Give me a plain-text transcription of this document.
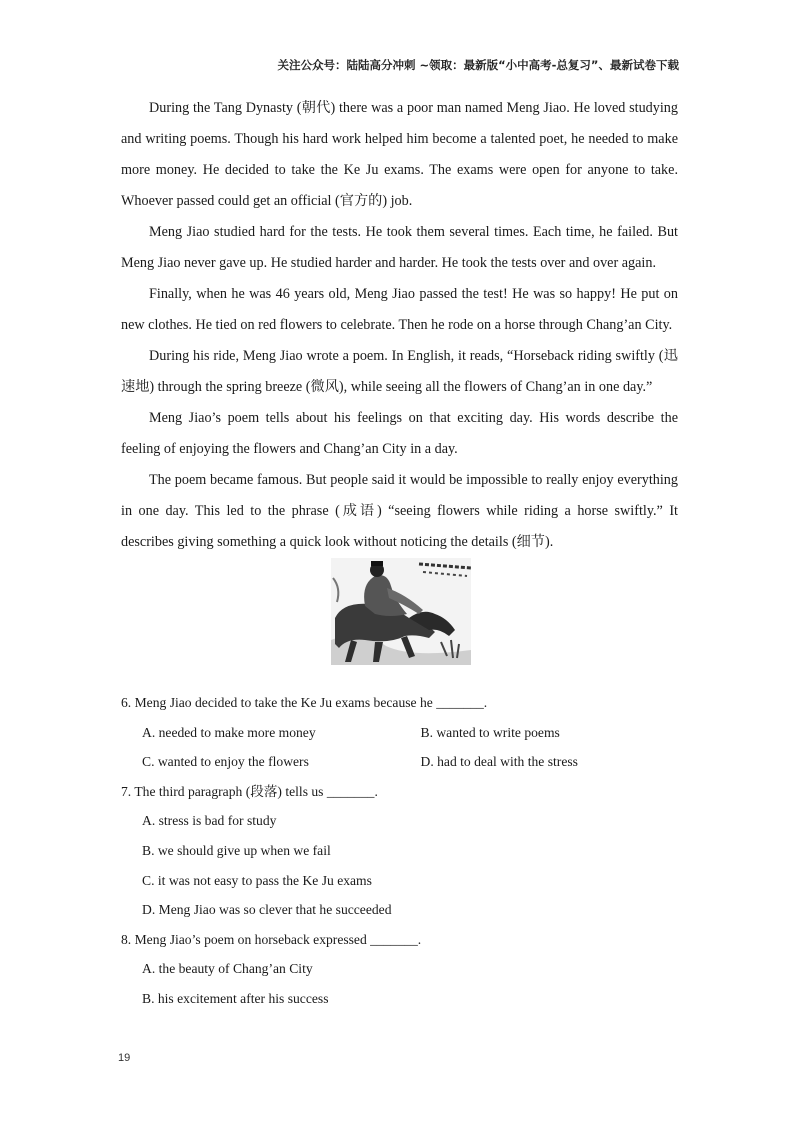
关注公众号：陆陆高分冲刺 ~领取：最新版“小中高考-总复习”、最新试卷下载

During the Tang Dynasty (朝代) there was a poor man named Meng Jiao. He loved studying and writing poems. Though his hard work helped him become a talented poet, he needed to make more money. He decided to take the Ke Ju exams. The exams were open for anyone to take. Whoever passed could get an official (官方的) job.

Meng Jiao studied hard for the tests. He took them several times. Each time, he failed. But Meng Jiao never gave up. He studied harder and harder. He took the tests over and over again.

Finally, when he was 46 years old, Meng Jiao passed the test! He was so happy! He put on new clothes. He tied on red flowers to celebrate. Then he rode on a horse through Chang’an City.

During his ride, Meng Jiao wrote a poem. In English, it reads, “Horseback riding swiftly (迅速地) through the spring breeze (微风), while seeing all the flowers of Chang’an in one day.”

Meng Jiao’s poem tells about his feelings on that exciting day. His words describe the feeling of enjoying the flowers and Chang’an City in a day.

The poem became famous. But people said it would be impossible to really enjoy everything in one day. This led to the phrase (成语) “seeing flowers while riding a horse swiftly.” It describes giving something a quick look without noticing the details (细节).

6. Meng Jiao decided to take the Ke Ju exams because he _______.

A. needed to make more money	B. wanted to write poems
C. wanted to enjoy the flowers	D. had to deal with the stress

7. The third paragraph (段落) tells us _______.

A. stress is bad for study
B. we should give up when we fail
C. it was not easy to pass the Ke Ju exams
D. Meng Jiao was so clever that he succeeded

8. Meng Jiao’s poem on horseback expressed _______.

A. the beauty of Chang’an City
B. his excitement after his success
19
